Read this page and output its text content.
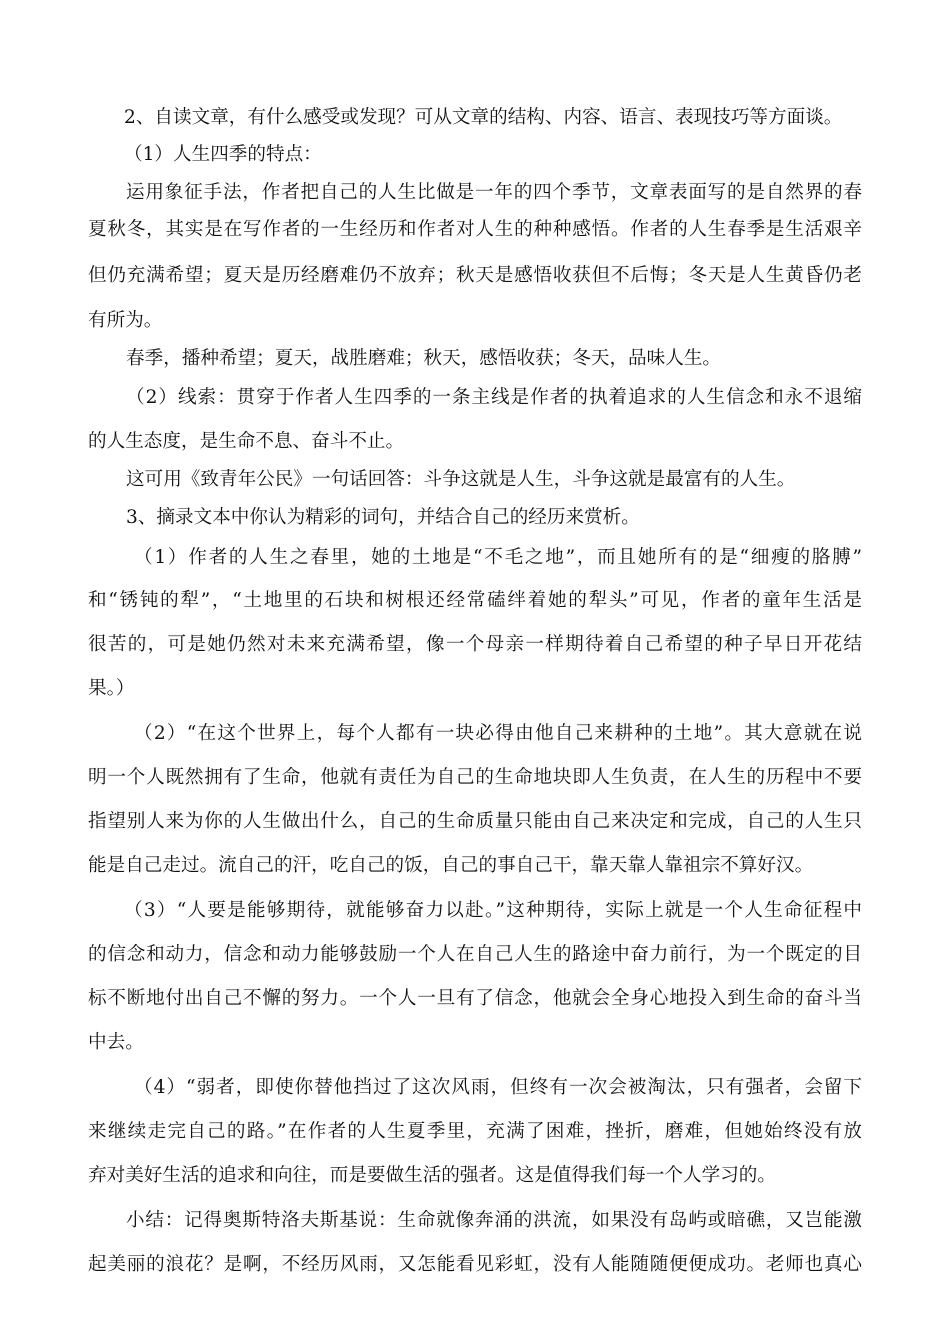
2、自读文章，有什么感受或发现？可从文章的结构、内容、语言、表现技巧等方面谈。
（1）人生四季的特点：
运用象征手法，作者把自己的人生比做是一年的四个季节，文章表面写的是自然界的春
夏秋冬，其实是在写作者的一生经历和作者对人生的种种感悟。作者的人生春季是生活艰辛
但仍充满希望；夏天是历经磨难仍不放弃；秋天是感悟收获但不后悔；冬天是人生黄昏仍老
有所为。
春季，播种希望；夏天，战胜磨难；秋天，感悟收获；冬天，品味人生。
（2）线索：贯穿于作者人生四季的一条主线是作者的执着追求的人生信念和永不退缩
的人生态度，是生命不息、奋斗不止。
这可用《致青年公民》一句话回答：斗争这就是人生，斗争这就是最富有的人生。
3、摘录文本中你认为精彩的词句，并结合自己的经历来赏析。
（1）作者的人生之春里，她的土地是“不毛之地”，而且她所有的是“细瘦的胳膊”
和“锈钝的犁”，“土地里的石块和树根还经常磕绊着她的犁头”可见，作者的童年生活是
很苦的，可是她仍然对未来充满希望，像一个母亲一样期待着自己希望的种子早日开花结
果。）
（2）“在这个世界上，每个人都有一块必得由他自己来耕种的土地”。其大意就在说
明一个人既然拥有了生命，他就有责任为自己的生命地块即人生负责，在人生的历程中不要
指望别人来为你的人生做出什么，自己的生命质量只能由自己来决定和完成，自己的人生只
能是自己走过。流自己的汗，吃自己的饭，自己的事自己干，靠天靠人靠祖宗不算好汉。
（3）“人要是能够期待，就能够奋力以赴。”这种期待，实际上就是一个人生命征程中
的信念和动力，信念和动力能够鼓励一个人在自己人生的路途中奋力前行，为一个既定的目
标不断地付出自己不懈的努力。一个人一旦有了信念，他就会全身心地投入到生命的奋斗当
中去。
（4）“弱者，即使你替他挡过了这次风雨，但终有一次会被淘汰，只有强者，会留下
来继续走完自己的路。”在作者的人生夏季里，充满了困难，挫折，磨难，但她始终没有放
弃对美好生活的追求和向往，而是要做生活的强者。这是值得我们每一个人学习的。
小结：记得奥斯特洛夫斯基说：生命就像奔涌的洪流，如果没有岛屿或暗礁，又岂能激
起美丽的浪花？是啊，不经历风雨，又怎能看见彩虹，没有人能随随便便成功。老师也真心
